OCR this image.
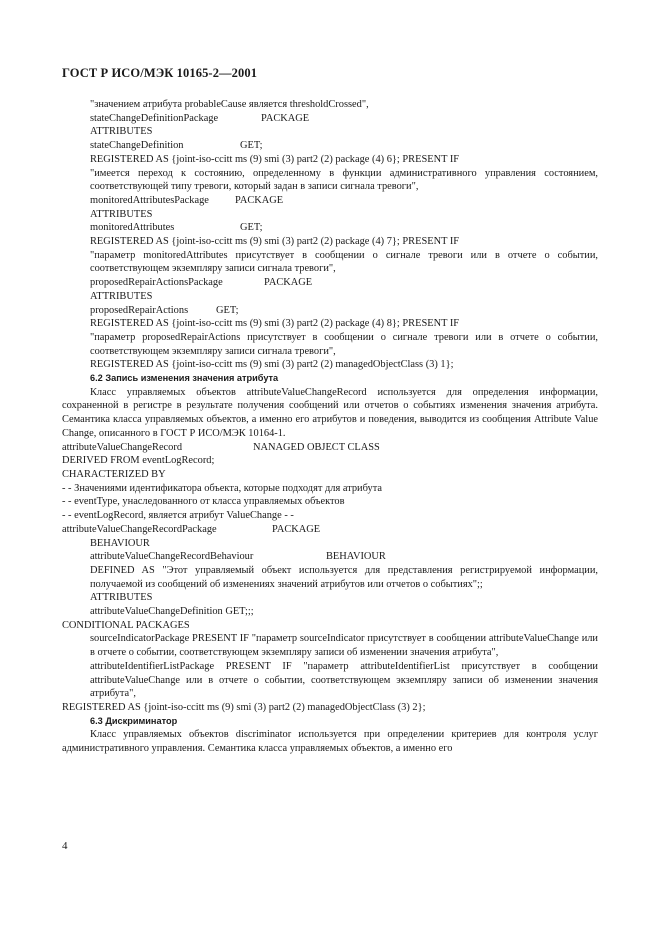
ГОСТ Р ИСО/МЭК 10165-2—2001
"значением атрибута probableCause является thresholdCrossed",
stateChangeDefinitionPackage	PACKAGE
ATTRIBUTES
stateChangeDefinition	GET;
REGISTERED AS {joint-iso-ccitt ms (9) smi (3) part2 (2) package (4) 6}; PRESENT IF
"имеется переход к состоянию, определенному в функции административного управления состоянием, соответствующей типу тревоги, который задан в записи сигнала тревоги",
monitoredAttributesPackage	PACKAGE
ATTRIBUTES
monitoredAttributes	GET;
REGISTERED AS {joint-iso-ccitt ms (9) smi (3) part2 (2) package (4) 7}; PRESENT IF
"параметр monitoredAttributes присутствует в сообщении о сигнале тревоги или в отчете о событии, соответствующем экземпляру записи сигнала тревоги",
proposedRepairActionsPackage	PACKAGE
ATTRIBUTES
proposedRepairActions	GET;
REGISTERED AS {joint-iso-ccitt ms (9) smi (3) part2 (2) package (4) 8}; PRESENT IF
"параметр proposedRepairActions присутствует в сообщении о сигнале тревоги или в отчете о событии, соответствующем экземпляру записи сигнала тревоги",
REGISTERED AS {joint-iso-ccitt ms (9) smi (3) part2 (2) managedObjectClass (3) 1};
6.2 Запись изменения значения атрибута
Класс управляемых объектов attributeValueChangeRecord используется для определения информации, сохраненной в регистре в результате получения сообщений или отчетов о событиях изменения значения атрибута. Семантика класса управляемых объектов, а именно его атрибутов и поведения, выводится из сообщения Attribute Value Change, описанного в ГОСТ Р ИСО/МЭК 10164-1.
attributeValueChangeRecord	NANAGED OBJECT CLASS
DERIVED FROM eventLogRecord;
CHARACTERIZED BY
- - Значениями идентификатора объекта, которые подходят для атрибута
- - eventType, унаследованного от класса управляемых объектов
- - eventLogRecord, является атрибут ValueChange - -
attributeValueChangeRecordPackage	PACKAGE
BEHAVIOUR
attributeValueChangeRecordBehaviour	BEHAVIOUR
DEFINED AS "Этот управляемый объект используется для представления регистрируемой информации, получаемой из сообщений об изменениях значений атрибутов или отчетов о событиях";;
ATTRIBUTES
attributeValueChangeDefinition GET;;;
CONDITIONAL PACKAGES
sourceIndicatorPackage PRESENT IF "параметр sourceIndicator присутствует в сообщении attributeValueChange или в отчете о событии, соответствующем экземпляру записи об изменении значения атрибута",
attributeIdentifierListPackage PRESENT IF "параметр attributeIdentifierList присутствует в сообщении attributeValueChange или в отчете о событии, соответствующем экземпляру записи об изменении значения атрибута",
REGISTERED AS {joint-iso-ccitt ms (9) smi (3) part2 (2) managedObjectClass (3) 2};
6.3 Дискриминатор
Класс управляемых объектов discriminator используется при определении критериев для контроля услуг административного управления. Семантика класса управляемых объектов, а именно его
4
